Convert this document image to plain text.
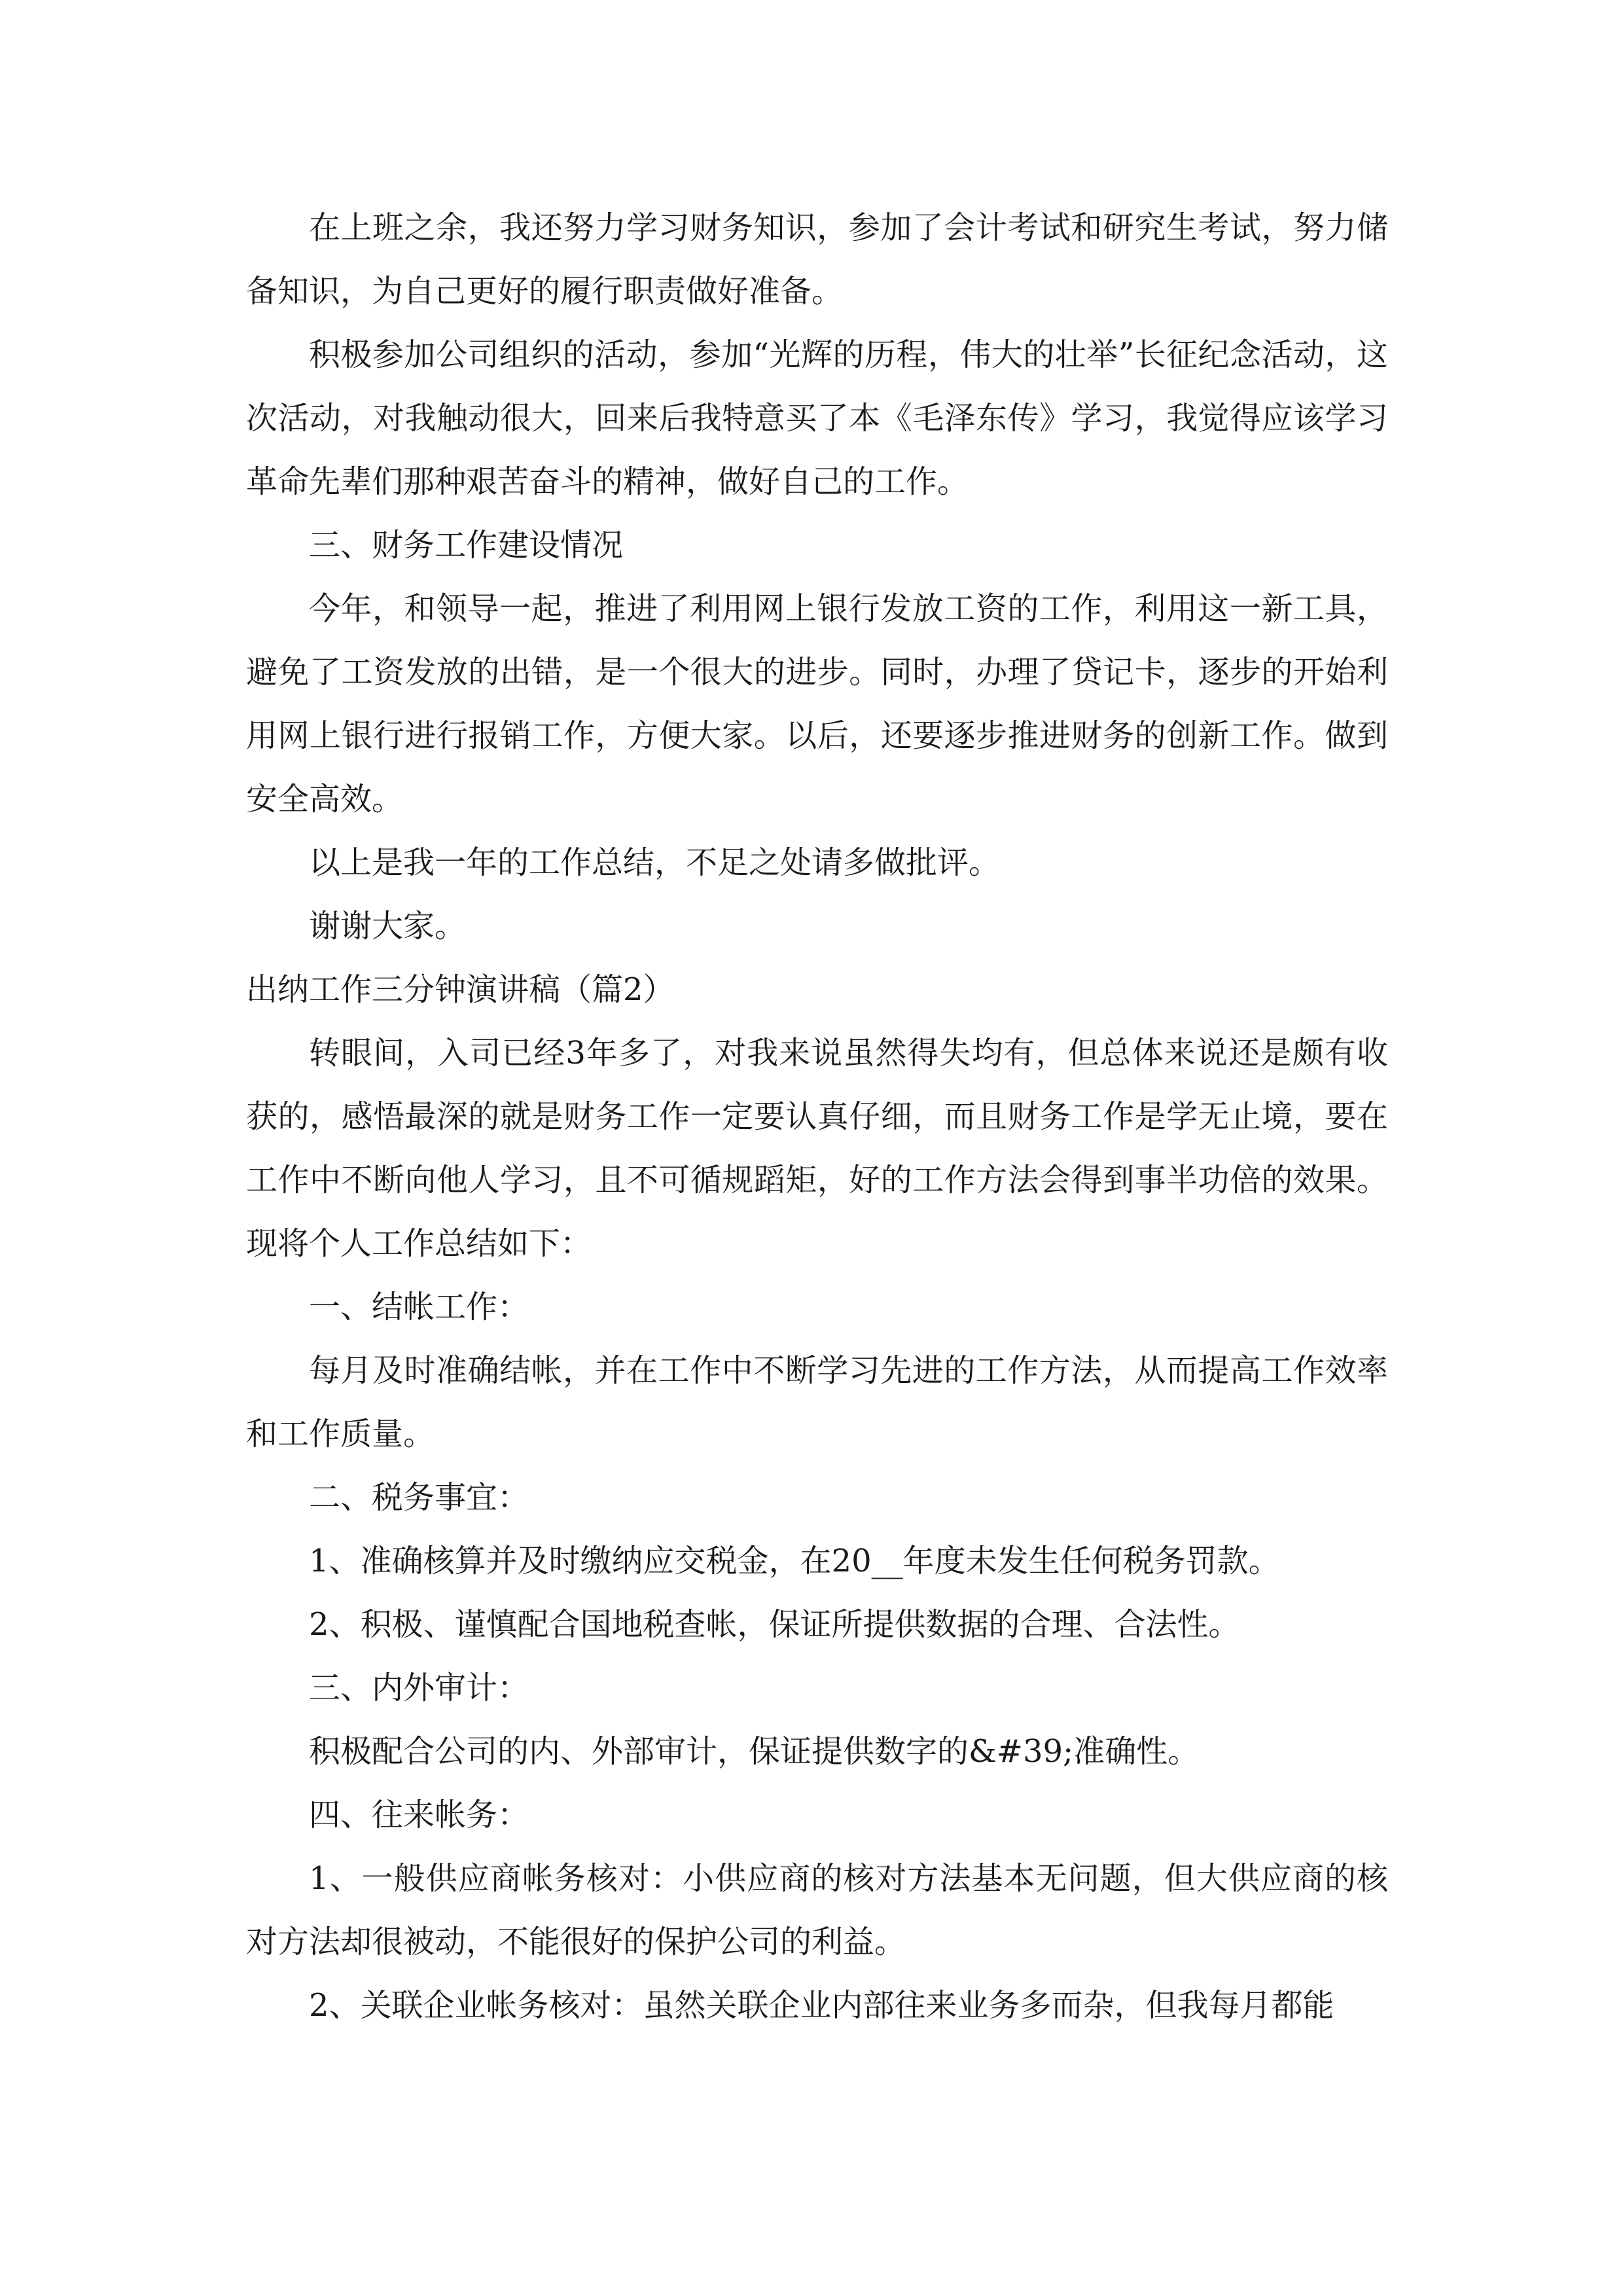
在上班之余，我还努力学习财务知识，参加了会计考试和研究生考试，努力储备知识，为自己更好的履行职责做好准备。

积极参加公司组织的活动，参加“光辉的历程，伟大的壮举”长征纪念活动，这次活动，对我触动很大，回来后我特意买了本《毛泽东传》学习，我觉得应该学习革命先辈们那种艰苦奋斗的精神，做好自己的工作。

三、财务工作建设情况

今年，和领导一起，推进了利用网上银行发放工资的工作，利用这一新工具，避免了工资发放的出错，是一个很大的进步。同时，办理了贷记卡，逐步的开始利用网上银行进行报销工作，方便大家。以后，还要逐步推进财务的创新工作。做到安全高效。

以上是我一年的工作总结，不足之处请多做批评。

谢谢大家。

出纳工作三分钟演讲稿（篇2）

转眼间，入司已经3年多了，对我来说虽然得失均有，但总体来说还是颇有收获的，感悟最深的就是财务工作一定要认真仔细，而且财务工作是学无止境，要在工作中不断向他人学习，且不可循规蹈矩，好的工作方法会得到事半功倍的效果。现将个人工作总结如下：

一、结帐工作：

每月及时准确结帐，并在工作中不断学习先进的工作方法，从而提高工作效率和工作质量。

二、税务事宜：

1、准确核算并及时缴纳应交税金，在20__年度未发生任何税务罚款。

2、积极、谨慎配合国地税查帐，保证所提供数据的合理、合法性。

三、内外审计：

积极配合公司的内、外部审计，保证提供数字的&#39;准确性。

四、往来帐务：

1、一般供应商帐务核对：小供应商的核对方法基本无问题，但大供应商的核对方法却很被动，不能很好的保护公司的利益。

2、关联企业帐务核对：虽然关联企业内部往来业务多而杂，但我每月都能
